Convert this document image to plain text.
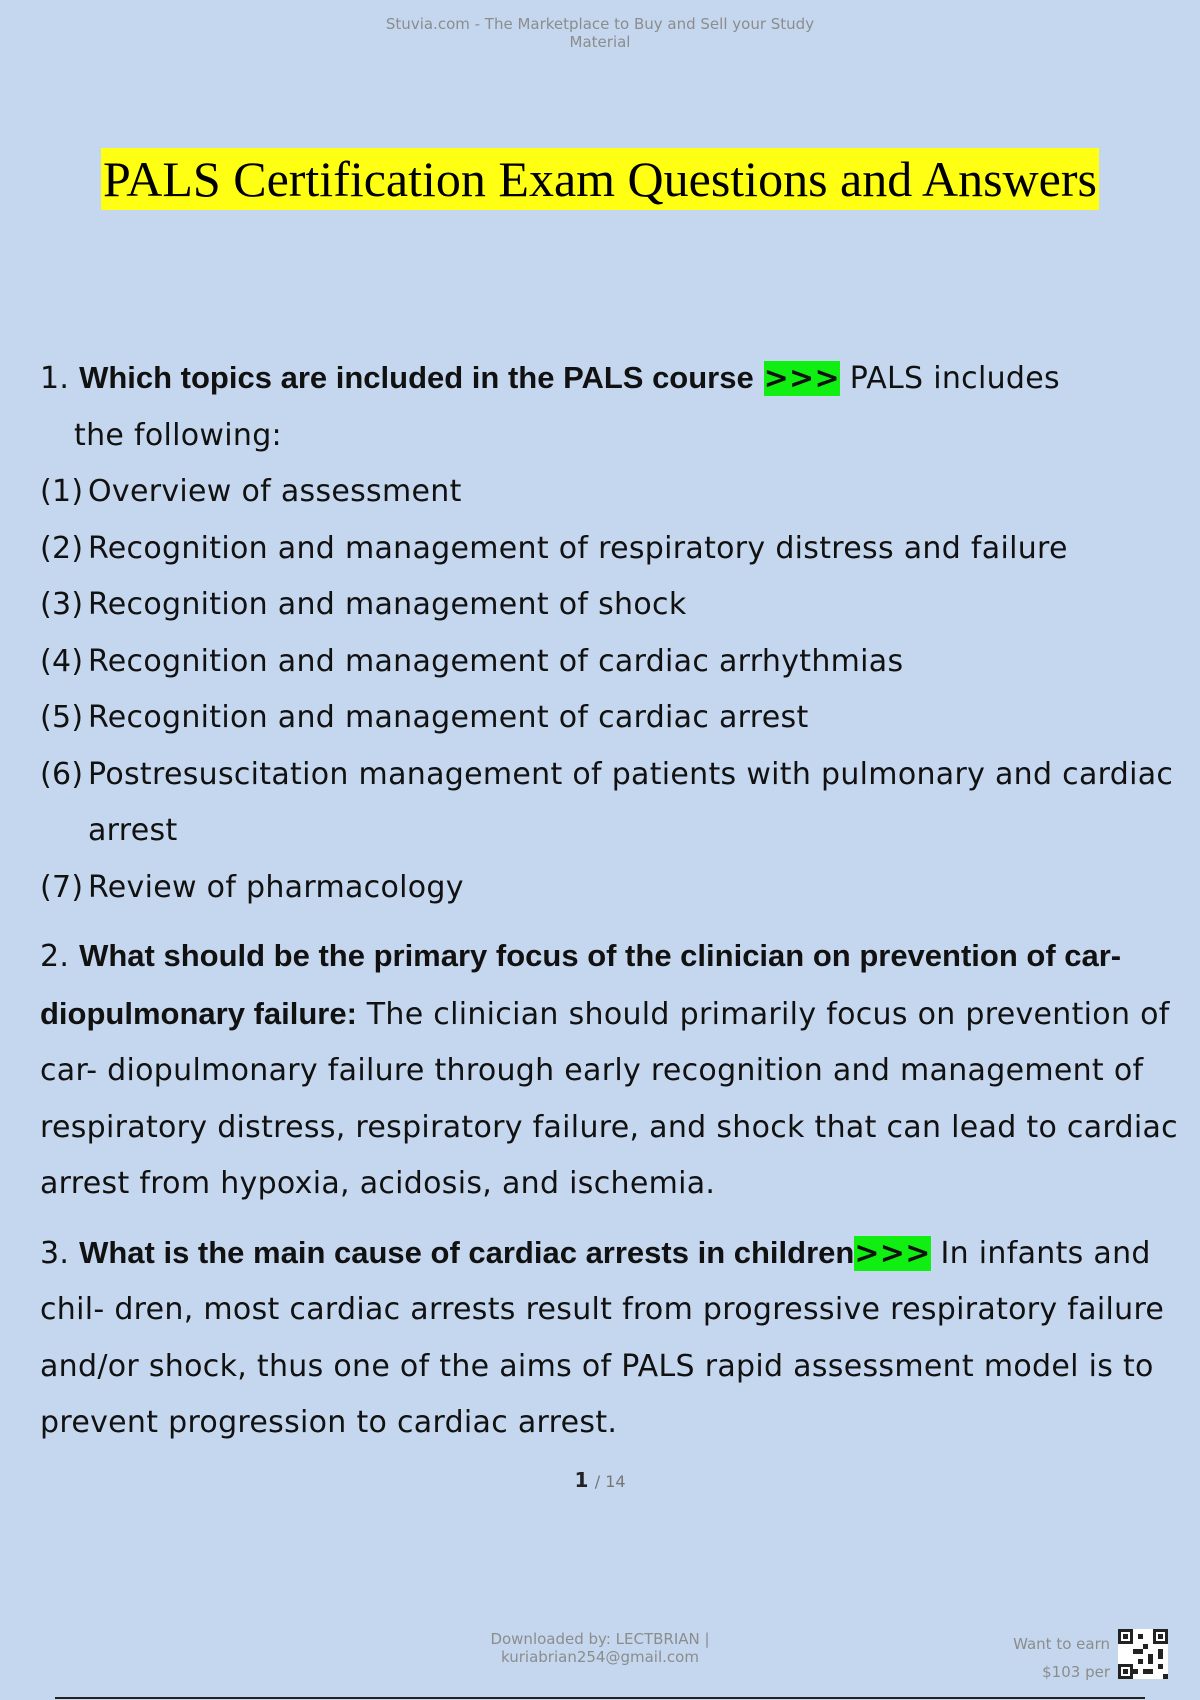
Stuvia.com - The Marketplace to Buy and Sell your Study
Material
PALS Certification Exam Questions and Answers

1. Which topics are included in the PALS course >>> PALS includes

the following:

(1) Overview of assessment
(2) Recognition and management of respiratory distress and failure
(3) Recognition and management of shock
(4) Recognition and management of cardiac arrhythmias
(5) Recognition and management of cardiac arrest
(6) Postresuscitation management of patients with pulmonary and cardiac arrest
(7) Review of pharmacology

2. What should be the primary focus of the clinician on prevention of car- diopulmonary failure: The clinician should primarily focus on prevention of car- diopulmonary failure through early recognition and management of respiratory distress, respiratory failure, and shock that can lead to cardiac arrest from hypoxia, acidosis, and ischemia.

3. What is the main cause of cardiac arrests in children>>> In infants and chil- dren, most cardiac arrests result from progressive respiratory failure and/or shock, thus one of the aims of PALS rapid assessment model is to prevent progression to cardiac arrest.

1 / 14
Downloaded by: LECTBRIAN |
kuriabrian254@gmail.com
Want to earn
$103 per
